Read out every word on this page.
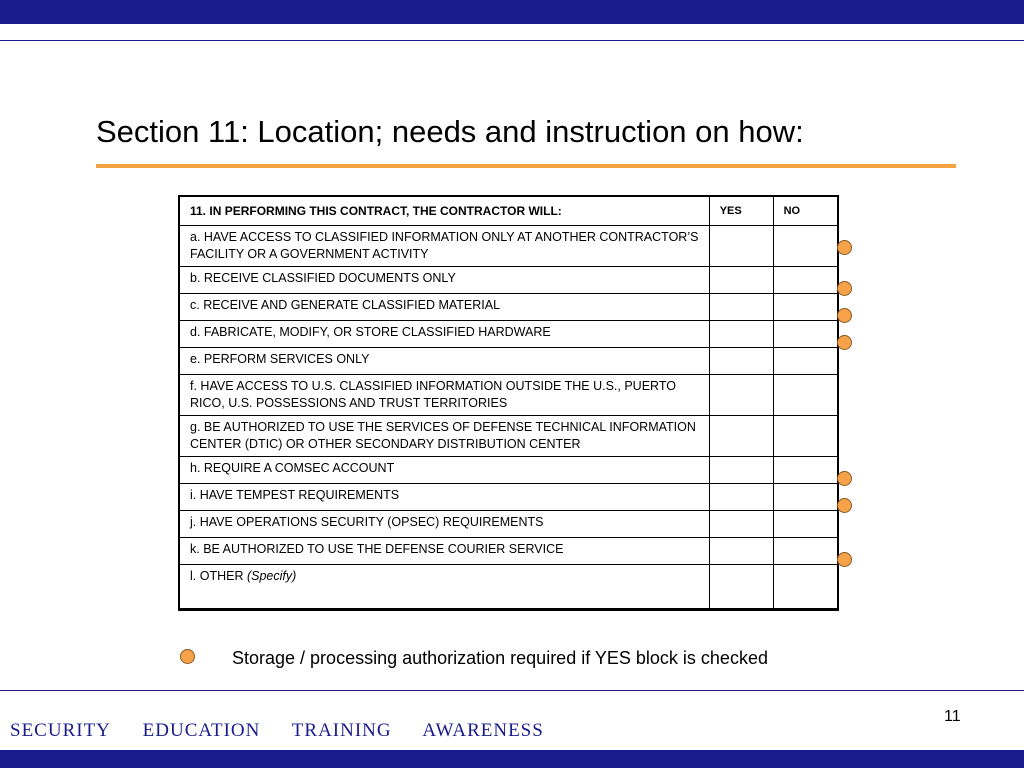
Section 11: Location; needs and instruction on how:
11. IN PERFORMING THIS CONTRACT, THE CONTRACTOR WILL:	YES	NO
a. HAVE ACCESS TO CLASSIFIED INFORMATION ONLY AT ANOTHER CONTRACTOR’S FACILITY OR A GOVERNMENT ACTIVITY		
b. RECEIVE CLASSIFIED DOCUMENTS ONLY		
c. RECEIVE AND GENERATE CLASSIFIED MATERIAL		
d. FABRICATE, MODIFY, OR STORE CLASSIFIED HARDWARE		
e. PERFORM SERVICES ONLY		
f. HAVE ACCESS TO U.S. CLASSIFIED INFORMATION OUTSIDE THE U.S., PUERTO RICO, U.S. POSSESSIONS AND TRUST TERRITORIES		
g. BE AUTHORIZED TO USE THE SERVICES OF DEFENSE TECHNICAL INFORMATION CENTER (DTIC) OR OTHER SECONDARY DISTRIBUTION CENTER		
h. REQUIRE A COMSEC ACCOUNT		
i. HAVE TEMPEST REQUIREMENTS		
j. HAVE OPERATIONS SECURITY (OPSEC) REQUIREMENTS		
k. BE AUTHORIZED TO USE THE DEFENSE COURIER SERVICE		
l. OTHER (Specify)		
Storage / processing authorization required if YES block is checked
11
SECURITY EDUCATION TRAINING AWARENESS
